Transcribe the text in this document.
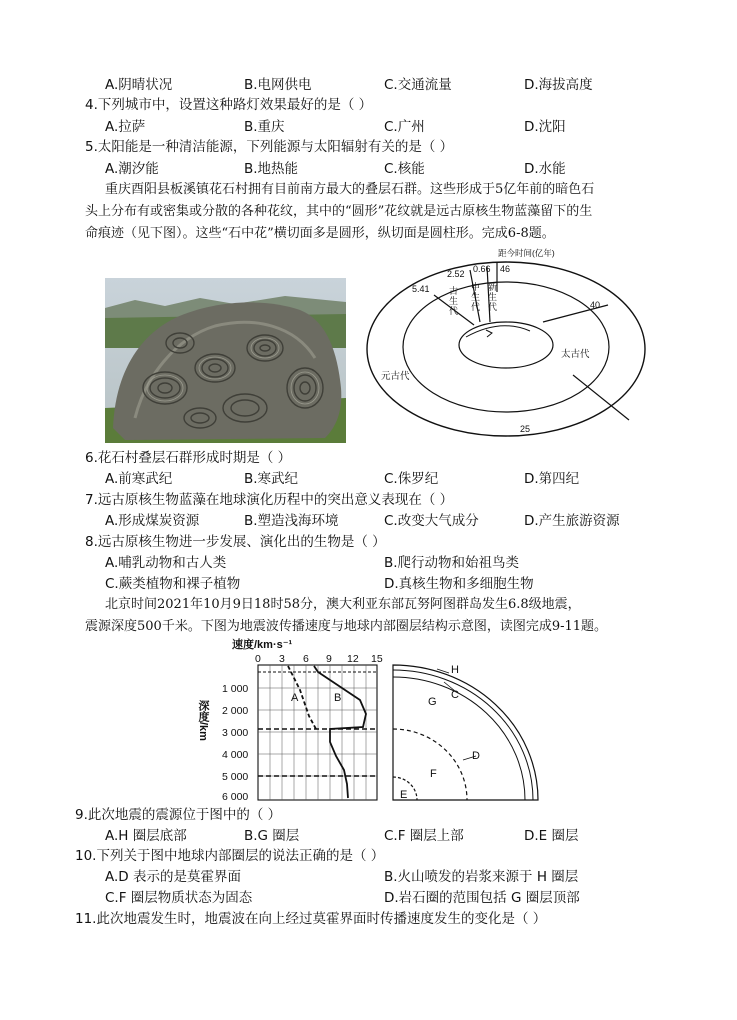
A.阴晴状况	B.电网供电	C.交通流量	D.海拔高度
4.下列城市中，设置这种路灯效果最好的是（ ）
A.拉萨	B.重庆	C.广州	D.沈阳
5.太阳能是一种清洁能源，下列能源与太阳辐射有关的是（ ）
A.潮汐能	B.地热能	C.核能	D.水能
重庆酉阳县板溪镇花石村拥有目前南方最大的叠层石群。这些形成于5亿年前的暗色石
头上分布有或密集或分散的各种花纹，其中的“圆形”花纹就是远古原核生物蓝藻留下的生
命痕迹（见下图）。这些“石中花”横切面多是圆形，纵切面是圆柱形。完成6-8题。
距今时间(亿年)
46
40
25
5.41
2.52 0.66
太古代
元古代
古生代 中生代 新生代
6.花石村叠层石群形成时期是（ ）
A.前寒武纪	B.寒武纪	C.侏罗纪	D.第四纪
7.远古原核生物蓝藻在地球演化历程中的突出意义表现在（ ）
A.形成煤炭资源	B.塑造浅海环境	C.改变大气成分	D.产生旅游资源
8.远古原核生物进一步发展、演化出的生物是（ ）
A.哺乳动物和古人类	B.爬行动物和始祖鸟类
C.蕨类植物和裸子植物	D.真核生物和多细胞生物
北京时间2021年10月9日18时58分，澳大利亚东部瓦努阿图群岛发生6.8级地震，
震源深度500千米。下图为地震波传播速度与地球内部圈层结构示意图，读图完成9-11题。
速度/km·s⁻¹
0 3 6 9 12 15
深度/km
1 000
2 000
3 000
4 000
5 000
6 000
A	B
H
C
G
D
F
E
9.此次地震的震源位于图中的（ ）
A.H 圈层底部	B.G 圈层	C.F 圈层上部	D.E 圈层
10.下列关于图中地球内部圈层的说法正确的是（ ）
A.D 表示的是莫霍界面	B.火山喷发的岩浆来源于 H 圈层
C.F 圈层物质状态为固态	D.岩石圈的范围包括 G 圈层顶部
11.此次地震发生时，地震波在向上经过莫霍界面时传播速度发生的变化是（ ）
